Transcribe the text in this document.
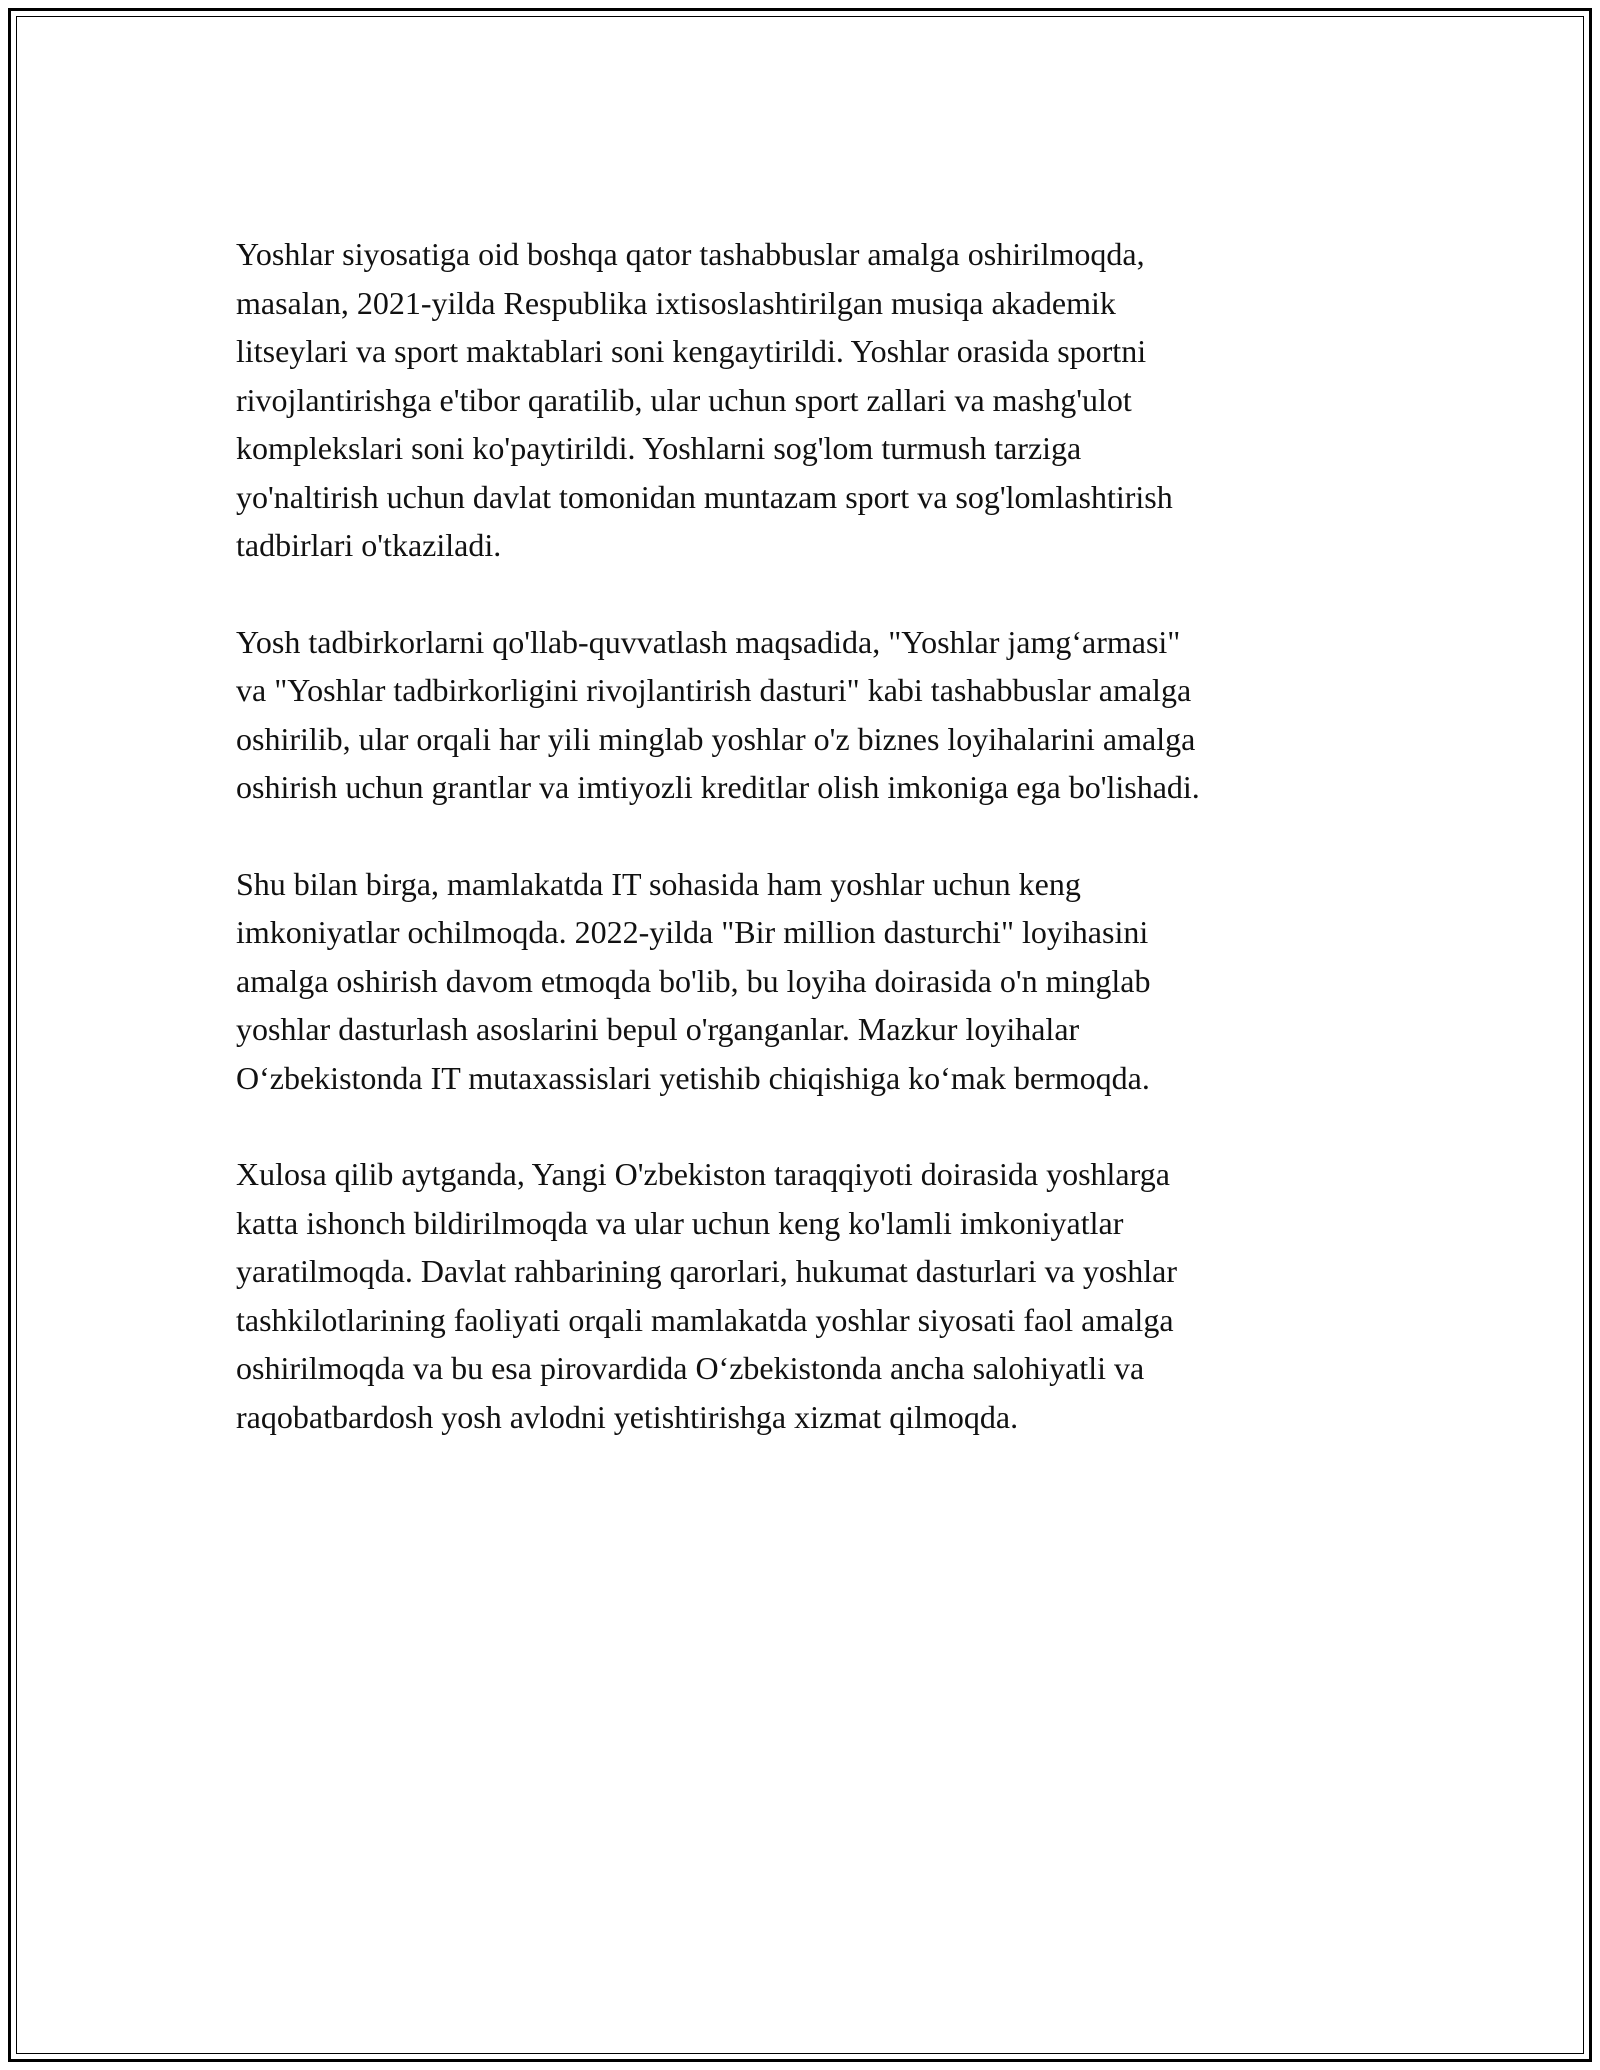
Yoshlar siyosatiga oid boshqa qator tashabbuslar amalga oshirilmoqda,
masalan, 2021-yilda Respublika ixtisoslashtirilgan musiqa akademik
litseylari va sport maktablari soni kengaytirildi. Yoshlar orasida sportni
rivojlantirishga e'tibor qaratilib, ular uchun sport zallari va mashg'ulot
komplekslari soni ko'paytirildi. Yoshlarni sog'lom turmush tarziga
yo'naltirish uchun davlat tomonidan muntazam sport va sog'lomlashtirish
tadbirlari o'tkaziladi.

Yosh tadbirkorlarni qo'llab-quvvatlash maqsadida, "Yoshlar jamg‘armasi"
va "Yoshlar tadbirkorligini rivojlantirish dasturi" kabi tashabbuslar amalga
oshirilib, ular orqali har yili minglab yoshlar o'z biznes loyihalarini amalga
oshirish uchun grantlar va imtiyozli kreditlar olish imkoniga ega bo'lishadi.

Shu bilan birga, mamlakatda IT sohasida ham yoshlar uchun keng
imkoniyatlar ochilmoqda. 2022-yilda "Bir million dasturchi" loyihasini
amalga oshirish davom etmoqda bo'lib, bu loyiha doirasida o'n minglab
yoshlar dasturlash asoslarini bepul o'rganganlar. Mazkur loyihalar
O‘zbekistonda IT mutaxassislari yetishib chiqishiga ko‘mak bermoqda.

Xulosa qilib aytganda, Yangi O'zbekiston taraqqiyoti doirasida yoshlarga
katta ishonch bildirilmoqda va ular uchun keng ko'lamli imkoniyatlar
yaratilmoqda. Davlat rahbarining qarorlari, hukumat dasturlari va yoshlar
tashkilotlarining faoliyati orqali mamlakatda yoshlar siyosati faol amalga
oshirilmoqda va bu esa pirovardida O‘zbekistonda ancha salohiyatli va
raqobatbardosh yosh avlodni yetishtirishga xizmat qilmoqda.
